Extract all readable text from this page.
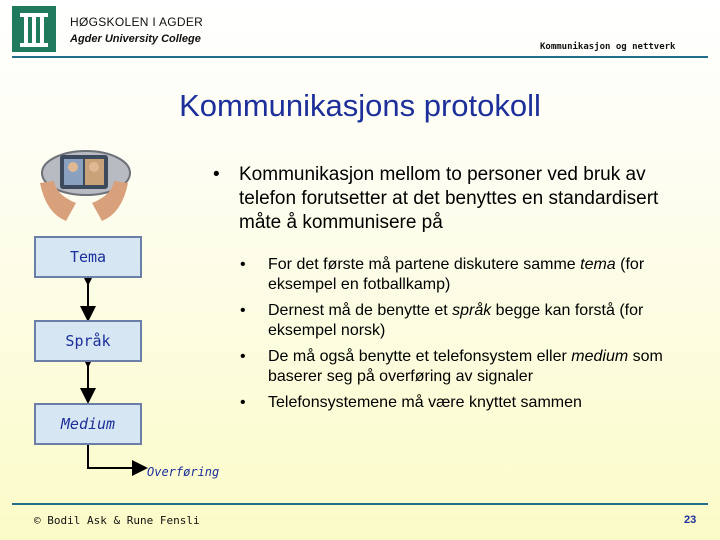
HØGSKOLEN I AGDER
Agder University College
Kommunikasjon og nettverk
Kommunikasjons protokoll
•	Kommunikasjon mellom to personer ved bruk av telefon forutsetter at det benyttes en standardisert måte å kommunisere på
• For det første må partene diskutere samme tema (for eksempel en fotballkamp)
• Dernest må de benytte et språk begge kan forstå (for eksempel norsk)
• De må også benytte et telefonsystem eller medium som baserer seg på overføring av signaler
• Telefonsystemene må være knyttet sammen
Tema
Språk
Medium
Overføring
© Bodil Ask & Rune Fensli	23
